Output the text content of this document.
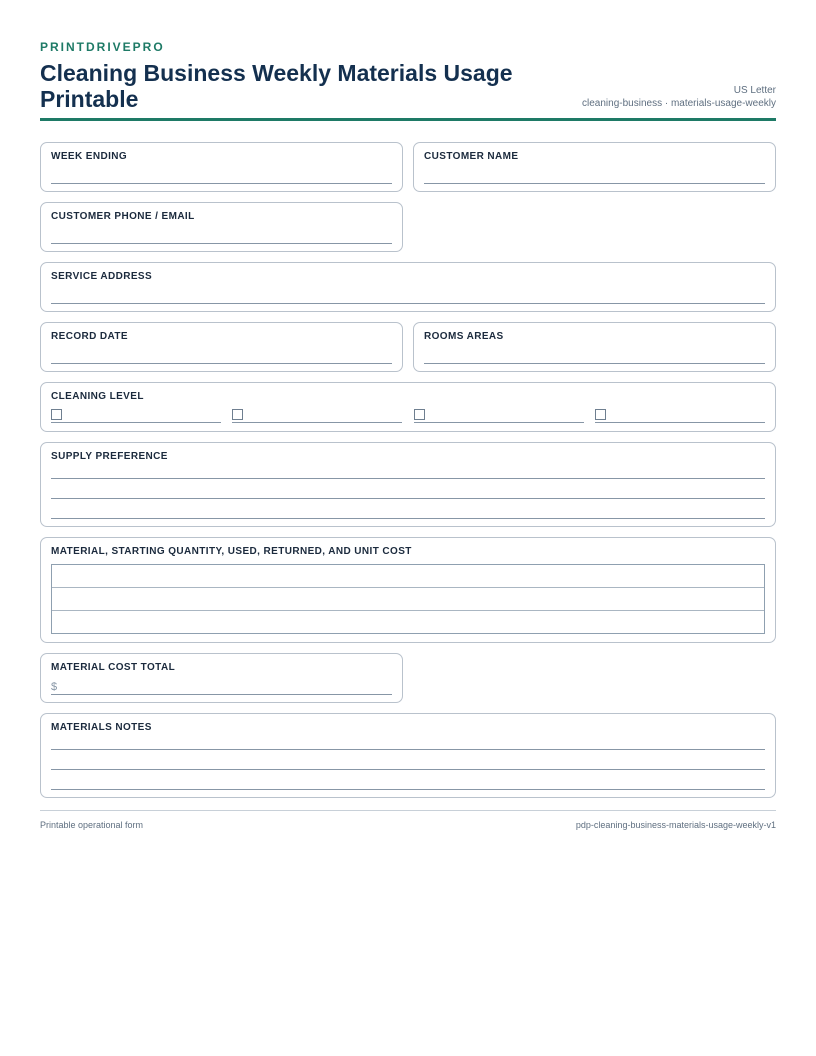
PRINTDRIVEPRO
Cleaning Business Weekly Materials Usage Printable	US Letter
cleaning-business · materials-usage-weekly
WEEK ENDING	CUSTOMER NAME
CUSTOMER PHONE / EMAIL
SERVICE ADDRESS
RECORD DATE	ROOMS AREAS
CLEANING LEVEL
SUPPLY PREFERENCE
MATERIAL, STARTING QUANTITY, USED, RETURNED, AND UNIT COST
MATERIAL COST TOTAL
$
MATERIALS NOTES
Printable operational form	pdp-cleaning-business-materials-usage-weekly-v1
